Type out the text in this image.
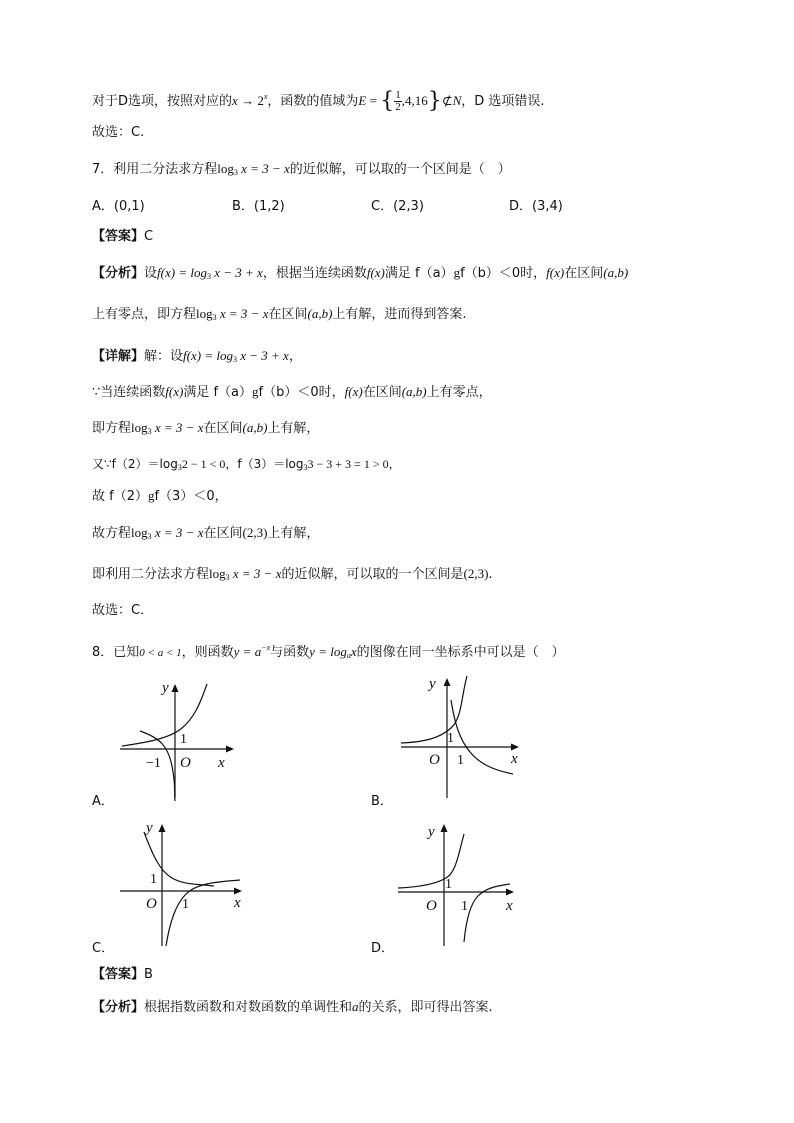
对于D选项，按照对应的$x \to 2^x$，函数的值域为E = { $\frac{1}{2}$ ,4,16}⊄N，D 选项错误.
故选：C.
7．利用二分法求方程$\log_3 x = 3 - x$的近似解，可以取的一个区间是（　）
A．(0,1)	B．(1,2)	C．(2,3)	D．(3,4)
【答案】C
【分析】设$f(x) = \log_3 x - 3 + x$，根据当连续函数f(x)满足 f（a）gf（b）＜0时，f(x)在区间(a,b)
上有零点，即方程$\log_3 x = 3 - x$在区间(a,b)上有解，进而得到答案.
【详解】解：设$f(x) = \log_3 x - 3 + x$，
∵当连续函数f(x)满足 f（a）gf（b）＜0时，f(x)在区间(a,b)上有零点，
即方程$\log_3 x = 3 - x$在区间(a,b)上有解，
又$\because f(2)=\log_32 - 1 < 0$，$f(3)=\log_33 - 3 + 3 = 1 > 0$，
故 f（2）gf（3）＜0，
故方程$\log_3 x = 3 - x$在区间(2,3)上有解，
即利用二分法求方程$\log_3 x = 3 - x$的近似解，可以取的一个区间是(2,3).
故选：C．
8．已知0 < a < 1，则函数$y = a^{-x}$与函数$y = \log_ax$的图像在同一坐标系中可以是（　）
y
x
O
1
−1
A．
y
x
O
1
1
B．
y
x
O
1
1
C．
y
x
O
1
1
D．
【答案】B
【分析】根据指数函数和对数函数的单调性和a的关系，即可得出答案.
